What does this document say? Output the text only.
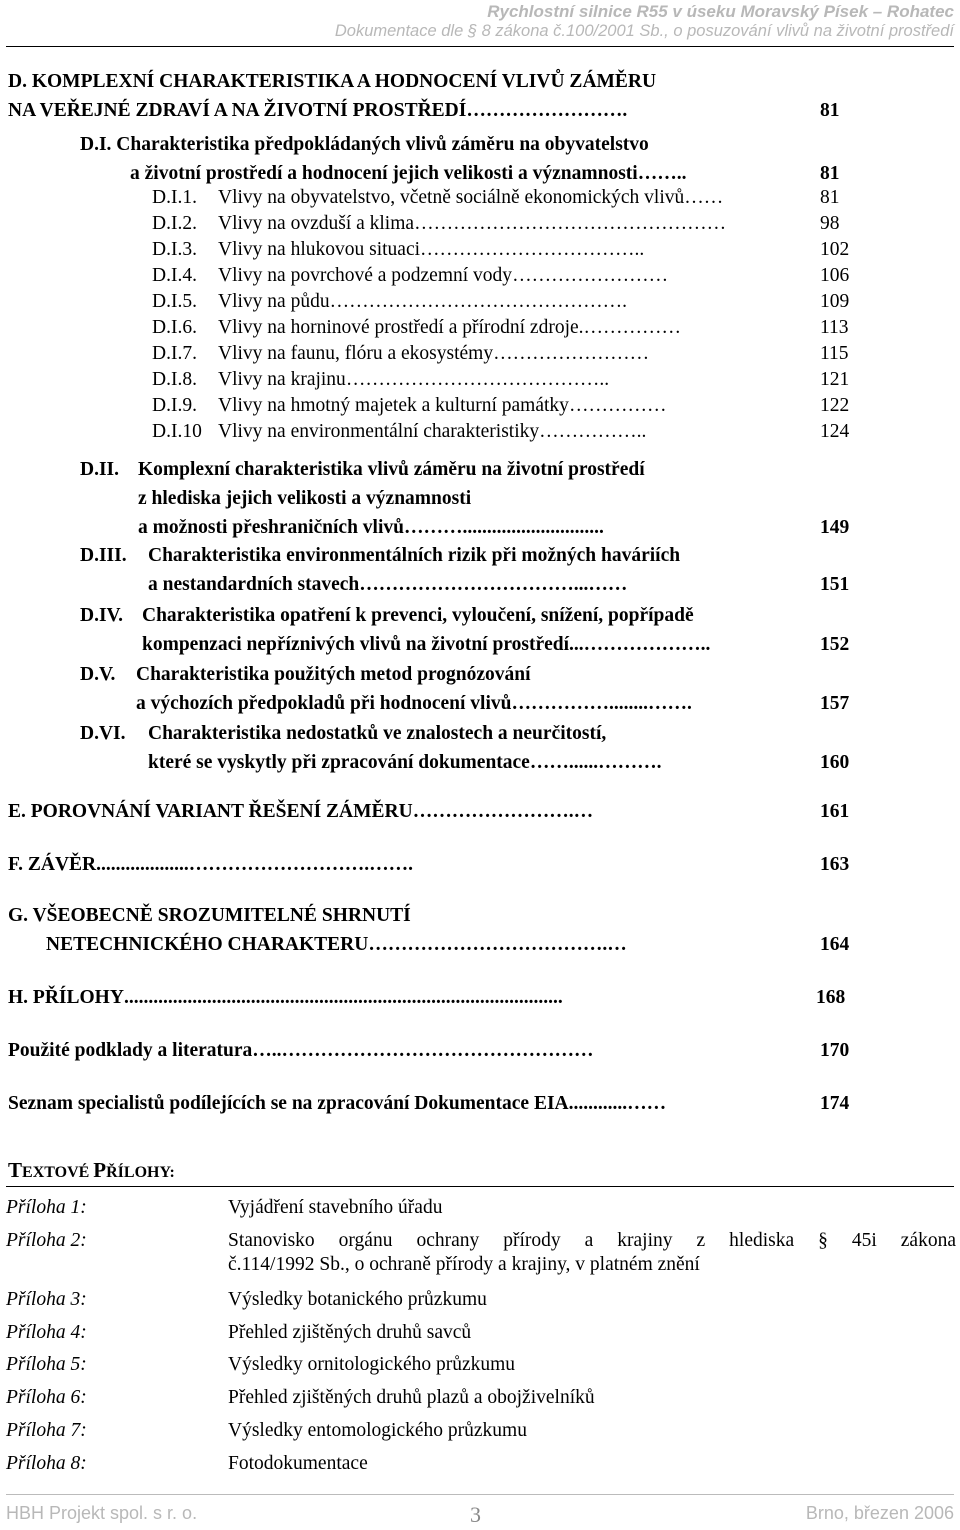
Rychlostní silnice R55 v úseku Moravský Písek – Rohatec
Dokumentace dle § 8 zákona č.100/2001 Sb., o posuzování vlivů na životní prostředí
D. KOMPLEXNÍ CHARAKTERISTIKA A HODNOCENÍ VLIVŮ ZÁMĚRU
NA VEŘEJNÉ ZDRAVÍ A NA ŽIVOTNÍ PROSTŘEDÍ…………………….	81
D.I. Charakteristika předpokládaných vlivů záměru na obyvatelstvo
a životní prostředí a hodnocení jejich velikosti a významnosti……..	81
D.I.1. Vlivy na obyvatelstvo, včetně sociálně ekonomických vlivů……	81
D.I.2. Vlivy na ovzduší a klima…………………………………………	98
D.I.3. Vlivy na hlukovou situaci……………………………..	102
D.I.4. Vlivy na povrchové a podzemní vody……………………	106
D.I.5. Vlivy na půdu……………………………………….	109
D.I.6. Vlivy na horninové prostředí a přírodní zdroje.……………	113
D.I.7. Vlivy na faunu, flóru a ekosystémy……………………	115
D.I.8. Vlivy na krajinu…………………………………..	121
D.I.9. Vlivy na hmotný majetek a kulturní památky……………	122
D.I.10 Vlivy na environmentální charakteristiky……………..	124
D.II. Komplexní charakteristika vlivů záměru na životní prostředí
z hlediska jejich velikosti a významnosti
a možnosti přeshraničních vlivů……….............................	149
D.III. Charakteristika environmentálních rizik při možných haváriích
a nestandardních stavech……………………………...……	151
D.IV. Charakteristika opatření k prevenci, vyloučení, snížení, popřípadě
kompenzaci nepříznivých vlivů na životní prostředí...………………..	152
D.V. Charakteristika použitých metod prognózování
a výchozích předpokladů při hodnocení vlivů……………........…….	157
D.VI. Charakteristika nedostatků ve znalostech a neurčitostí,
které se vyskytly při zpracování dokumentace……......……….	160
E. POROVNÁNÍ VARIANT ŘEŠENÍ ZÁMĚRU…………………….…	161
F. ZÁVĚR...................……………………….…….	163
G. VŠEOBECNĚ SROZUMITELNÉ SHRNUTÍ
NETECHNICKÉHO CHARAKTERU……………………………….…	164
H. PŘÍLOHY..........................................................................................	168
Použité podklady a literatura…..…………………………………………	170
Seznam specialistů podílejících se na zpracování Dokumentace EIA............……	174
TEXTOVÉ PŘÍLOHY:
Příloha 1:	Vyjádření stavebního úřadu
Příloha 2:	Stanovisko orgánu ochrany přírody a krajiny z hlediska § 45i zákona
č.114/1992 Sb., o ochraně přírody a krajiny, v platném znění
Příloha 3:	Výsledky botanického průzkumu
Příloha 4:	Přehled zjištěných druhů savců
Příloha 5:	Výsledky ornitologického průzkumu
Příloha 6:	Přehled zjištěných druhů plazů a obojživelníků
Příloha 7:	Výsledky entomologického průzkumu
Příloha 8:	Fotodokumentace
HBH Projekt spol. s r. o.	3	Brno, březen 2006
